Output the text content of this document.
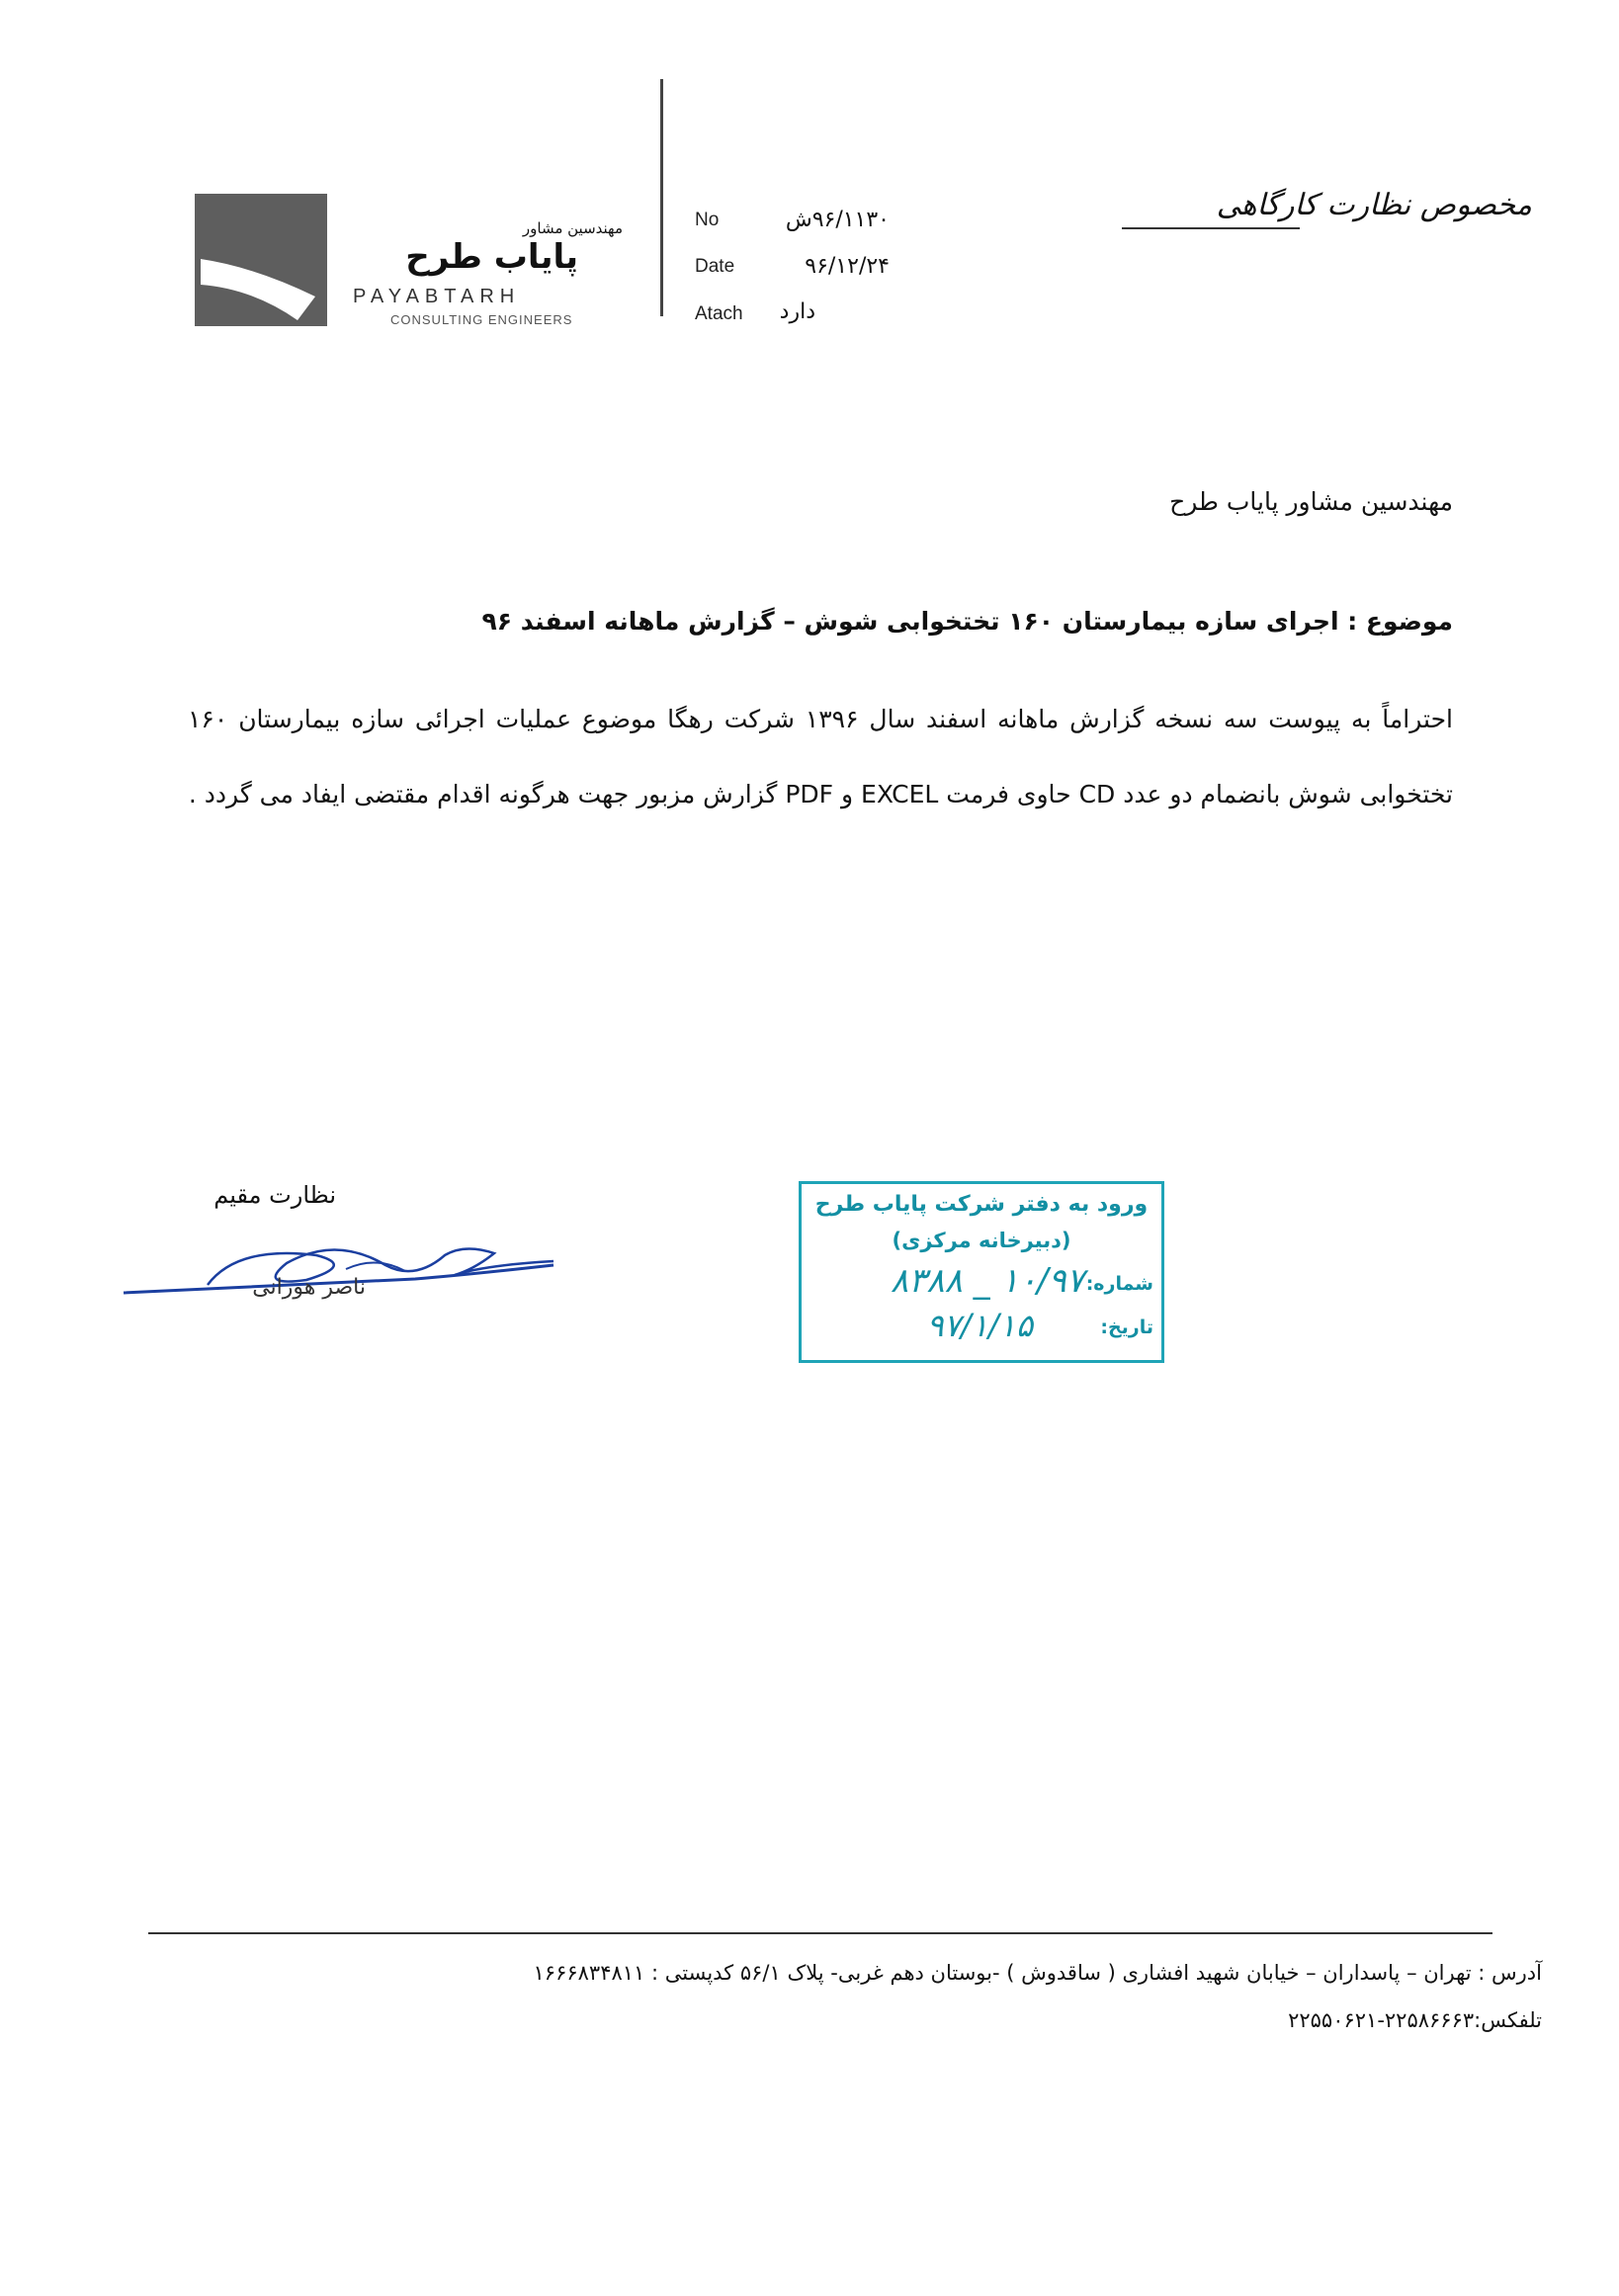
مهندسین مشاور
پایاب طرح
PAYABTARH
CONSULTING ENGINEERS
No
Date
Atach
۹۶/۱۱۳۰ش
۹۶/۱۲/۲۴
دارد
مخصوص نظارت کارگاهی
مهندسین مشاور پایاب طرح
موضوع : اجرای سازه بیمارستان ۱۶۰ تختخوابی شوش – گزارش ماهانه اسفند ۹۶
احتراماً به پیوست سه نسخه گزارش ماهانه اسفند سال ۱۳۹۶ شرکت رهگا موضوع عملیات اجرائی سازه بیمارستان ۱۶۰ تختخوابی شوش بانضمام دو عدد CD حاوی فرمت EXCEL و PDF گزارش مزبور جهت هرگونه اقدام مقتضی ایفاد می گردد .
نظارت مقیم
ناصر هورانی
ورود به دفتر شرکت پایاب طرح
(دبیرخانه مرکزی)
شماره:
۱۰/۹۷ _ ۸۳۸۸
تاریخ:
۹۷/۱/۱۵
آدرس : تهران – پاسداران – خیابان شهید افشاری ( ساقدوش ) -بوستان دهم غربی- پلاک ۵۶/۱ کدپستی : ۱۶۶۶۸۳۴۸۱۱
تلفکس:۲۲۵۸۶۶۶۳-۲۲۵۵۰۶۲۱
